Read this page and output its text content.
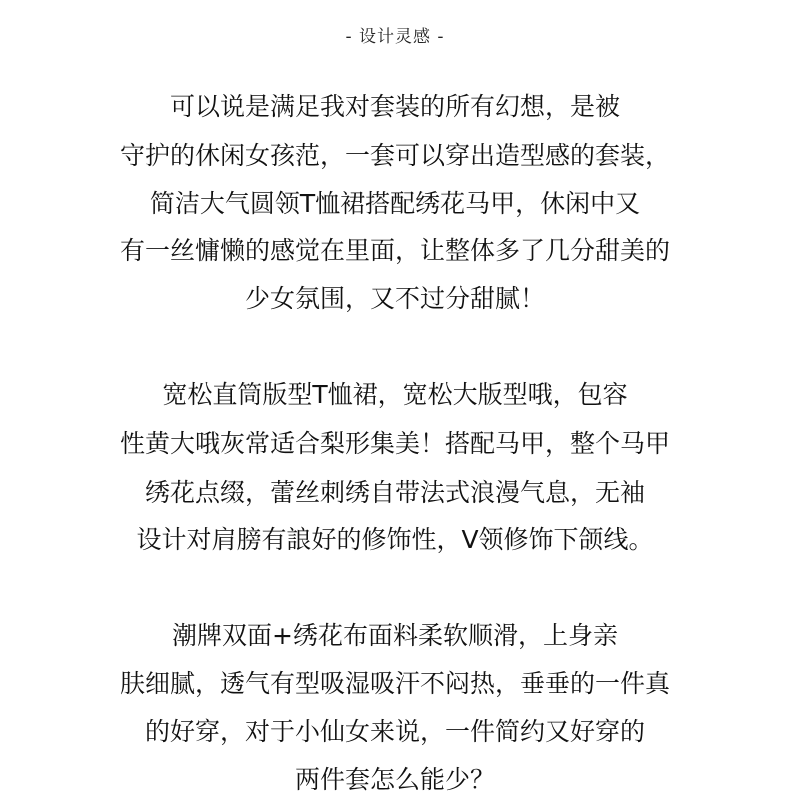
- 设计灵感 -
可以说是满足我对套装的所有幻想，是被
守护的休闲女孩范，一套可以穿出造型感的套装，
简洁大气圆领T恤裙搭配绣花马甲，休闲中又
有一丝慵懒的感觉在里面，让整体多了几分甜美的
少女氛围，又不过分甜腻！
宽松直筒版型T恤裙，宽松大版型哦，包容
性黄大哦灰常适合梨形集美！搭配马甲，整个马甲
绣花点缀，蕾丝刺绣自带法式浪漫气息，无袖
设计对肩膀有誏好的修饰性，V领修饰下颌线。
潮牌双面+绣花布面料柔软顺滑，上身亲
肤细腻，透气有型吸湿吸汗不闷热，垂垂的一件真
的好穿，对于小仙女来说，一件简约又好穿的
两件套怎么能少？
